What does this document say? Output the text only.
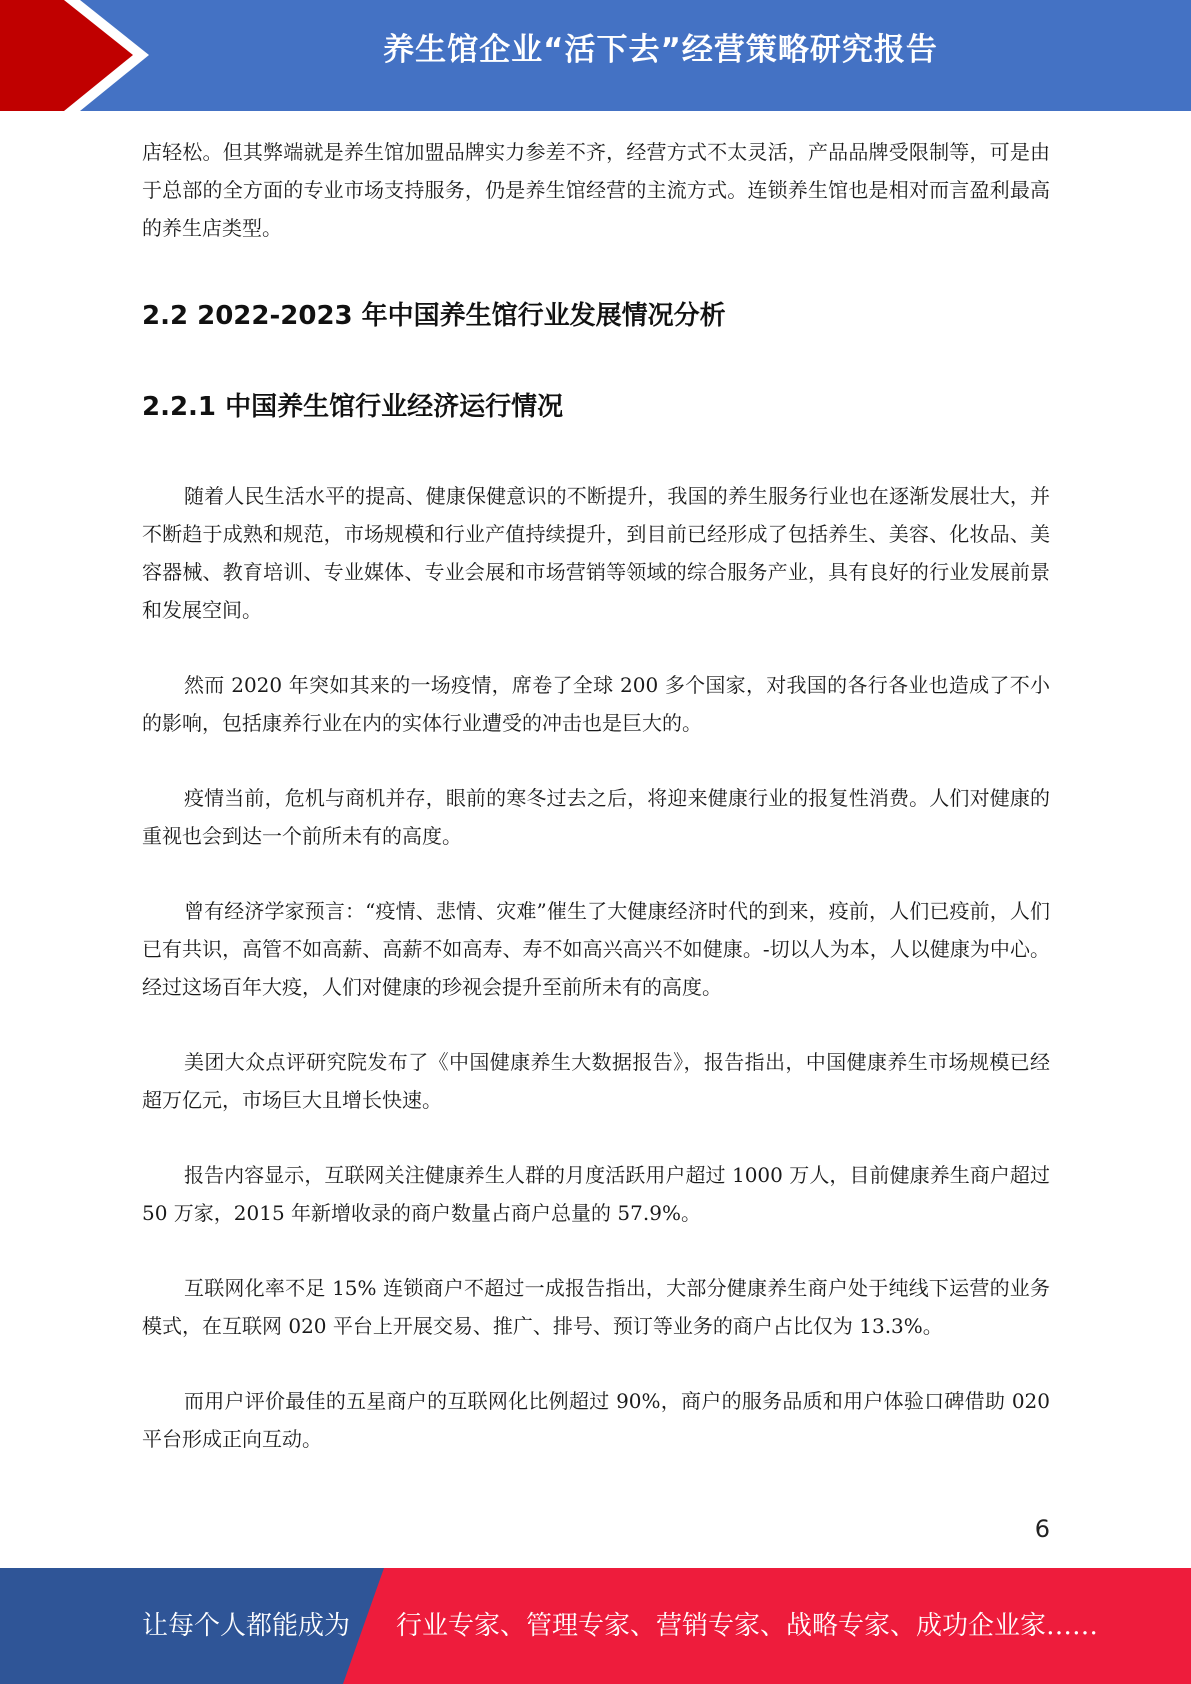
养生馆企业“活下去”经营策略研究报告

店轻松。但其弊端就是养生馆加盟品牌实力参差不齐，经营方式不太灵活，产品品牌受限制等，可是由于总部的全方面的专业市场支持服务，仍是养生馆经营的主流方式。连锁养生馆也是相对而言盈利最高的养生店类型。

2.2 2022-2023 年中国养生馆行业发展情况分析
2.2.1 中国养生馆行业经济运行情况

随着人民生活水平的提高、健康保健意识的不断提升，我国的养生服务行业也在逐渐发展壮大，并不断趋于成熟和规范，市场规模和行业产值持续提升，到目前已经形成了包括养生、美容、化妆品、美容器械、教育培训、专业媒体、专业会展和市场营销等领域的综合服务产业，具有良好的行业发展前景和发展空间。

然而 2020 年突如其来的一场疫情，席卷了全球 200 多个国家，对我国的各行各业也造成了不小的影响，包括康养行业在内的实体行业遭受的冲击也是巨大的。

疫情当前，危机与商机并存，眼前的寒冬过去之后，将迎来健康行业的报复性消费。人们对健康的重视也会到达一个前所未有的高度。

曾有经济学家预言：“疫情、悲情、灾难”催生了大健康经济时代的到来，疫前，人们已疫前，人们已有共识，高管不如高薪、高薪不如高寿、寿不如高兴高兴不如健康。-切以人为本，人以健康为中心。经过这场百年大疫，人们对健康的珍视会提升至前所未有的高度。

美团大众点评研究院发布了《中国健康养生大数据报告》，报告指出，中国健康养生市场规模已经超万亿元，市场巨大且增长快速。

报告内容显示，互联网关注健康养生人群的月度活跃用户超过 1000 万人，目前健康养生商户超过 50 万家，2015 年新增收录的商户数量占商户总量的 57.9%。

互联网化率不足 15% 连锁商户不超过一成报告指出，大部分健康养生商户处于纯线下运营的业务模式，在互联网 020 平台上开展交易、推广、排号、预订等业务的商户占比仅为 13.3%。

而用户评价最佳的五星商户的互联网化比例超过 90%，商户的服务品质和用户体验口碑借助 020 平台形成正向互动。

6
让每个人都能成为 行业专家、管理专家、营销专家、战略专家、成功企业家……
